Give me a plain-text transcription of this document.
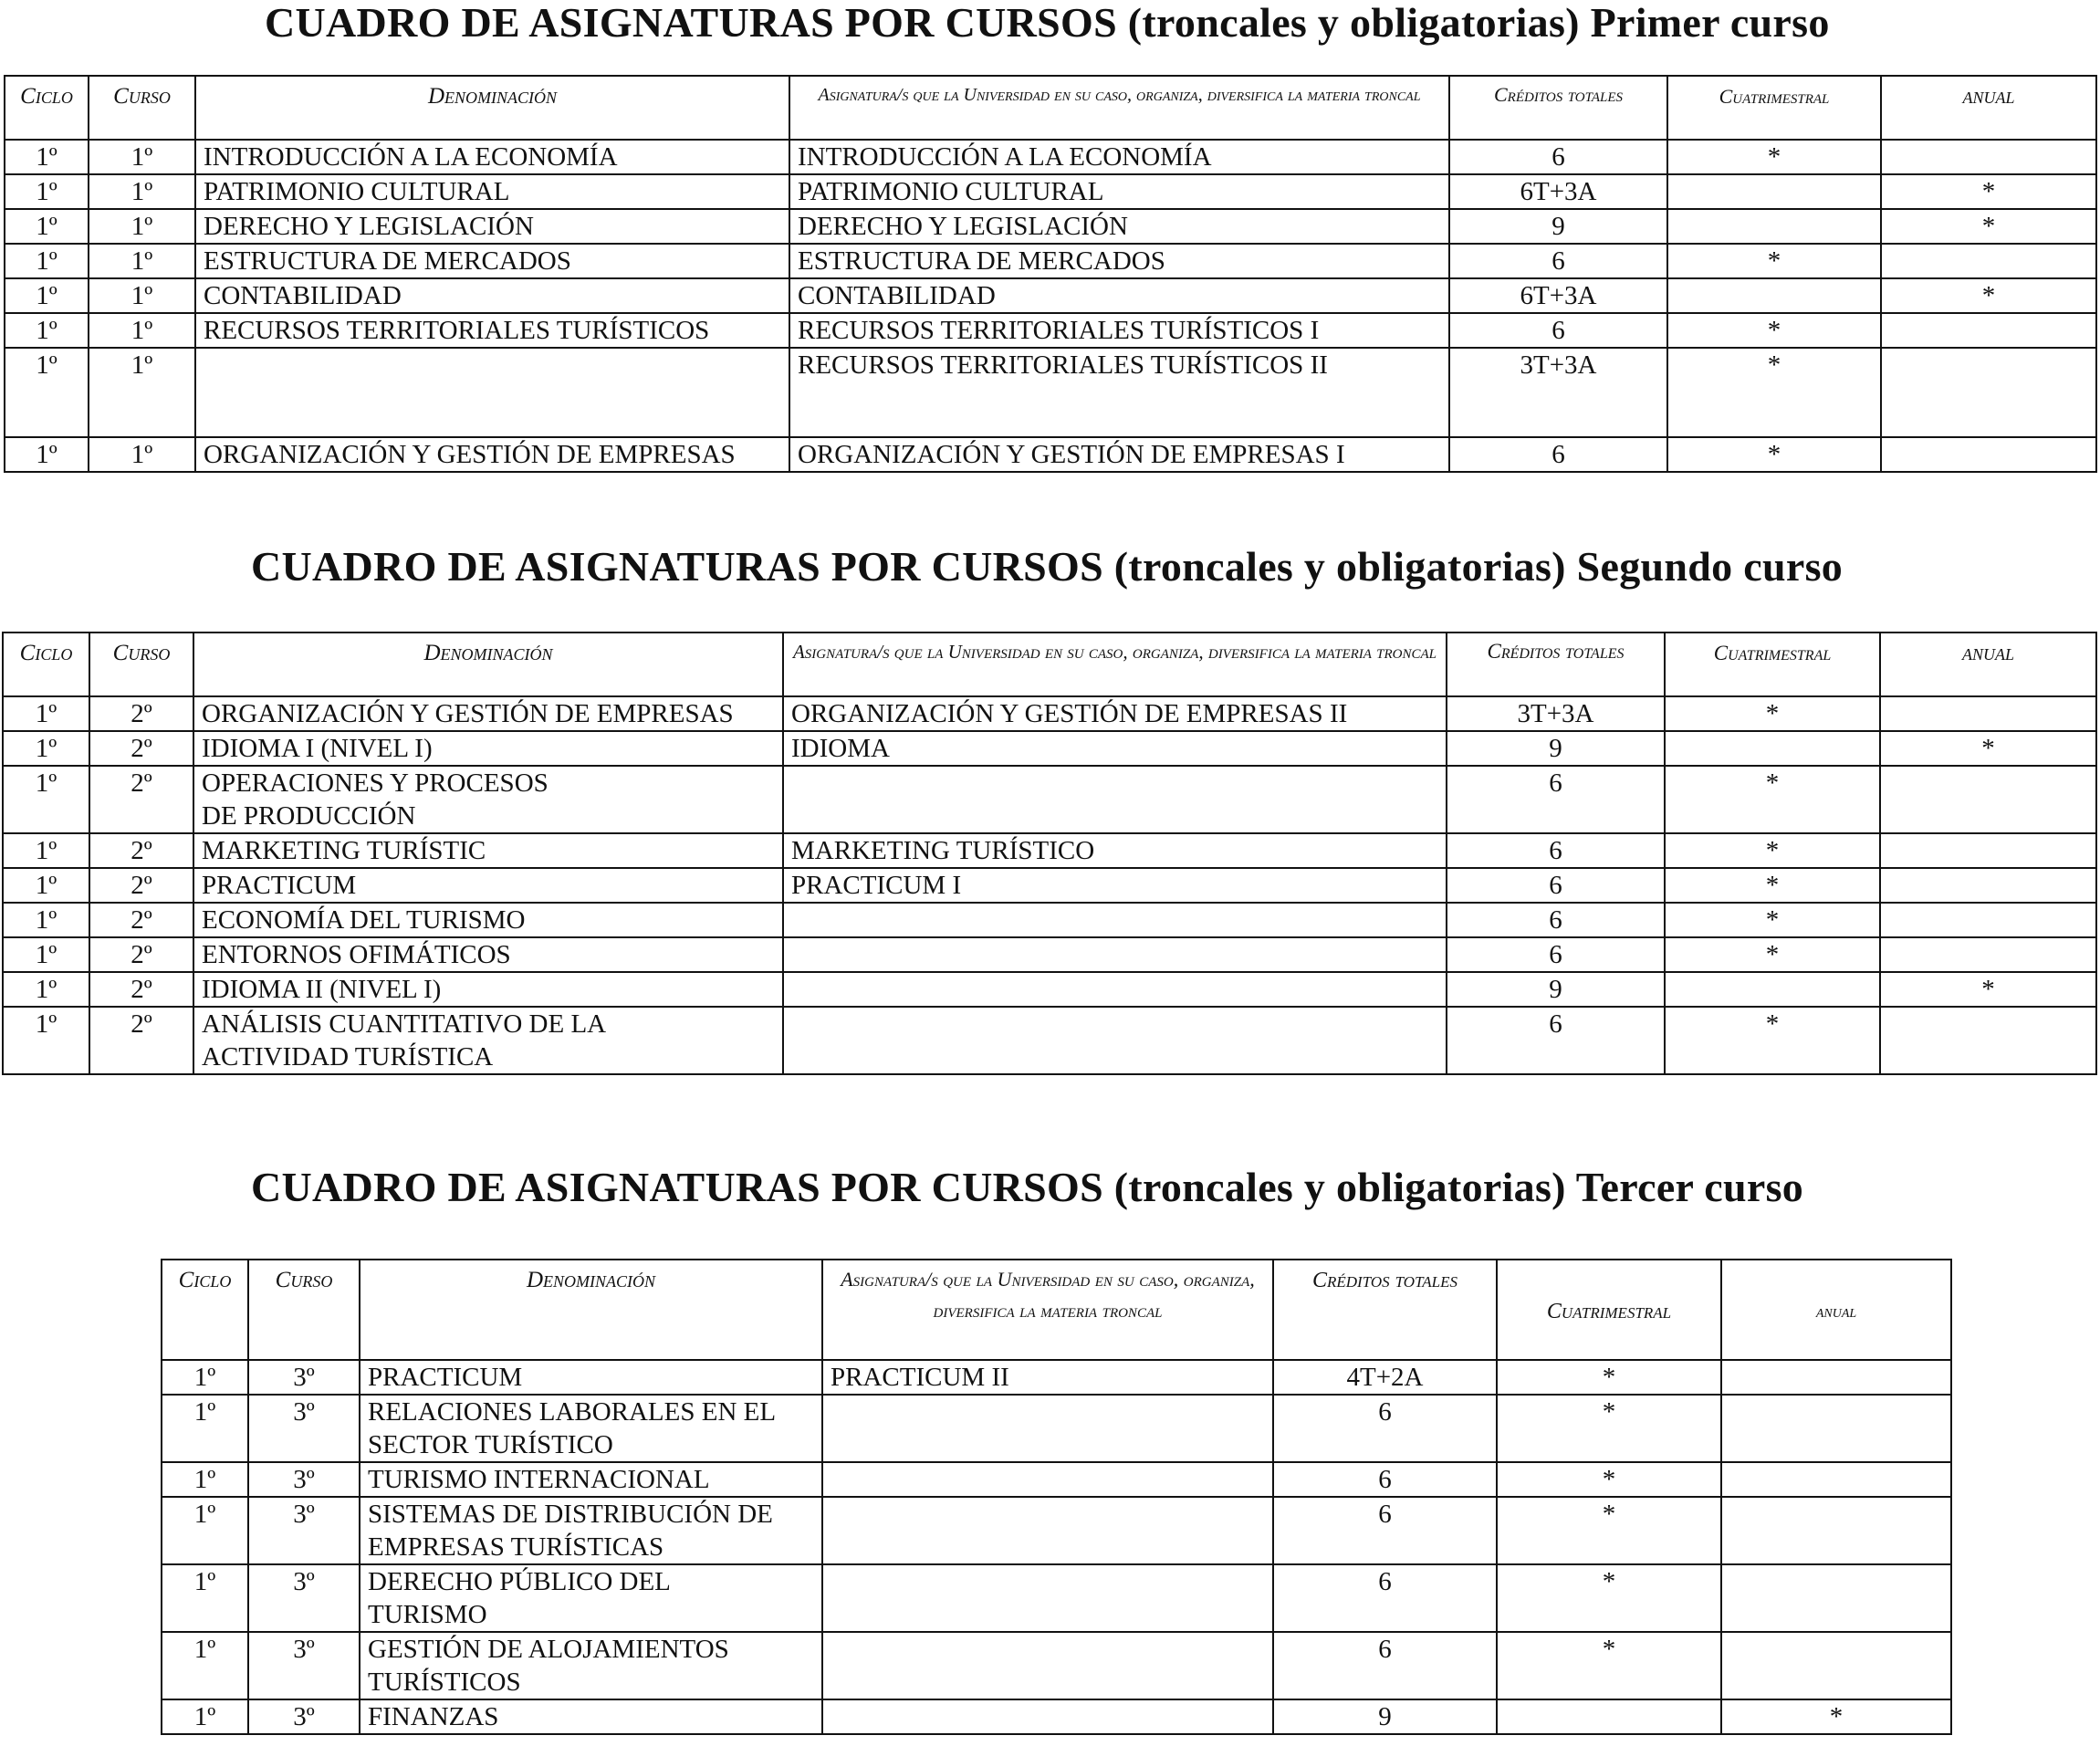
CUADRO DE ASIGNATURAS POR CURSOS (troncales y obligatorias) Primer curso
Ciclo	Curso	Denominación	Asignatura/s que la Universidad en su caso, organiza, diversifica la materia troncal	Créditos totales	Cuatrimestral	anual
1º	1º	INTRODUCCIÓN A LA ECONOMÍA	INTRODUCCIÓN A LA ECONOMÍA	6	*	
1º	1º	PATRIMONIO CULTURAL	PATRIMONIO CULTURAL	6T+3A		*
1º	1º	DERECHO Y LEGISLACIÓN	DERECHO Y LEGISLACIÓN	9		*
1º	1º	ESTRUCTURA DE MERCADOS	ESTRUCTURA DE MERCADOS	6	*	
1º	1º	CONTABILIDAD	CONTABILIDAD	6T+3A		*
1º	1º	RECURSOS TERRITORIALES TURÍSTICOS	RECURSOS TERRITORIALES TURÍSTICOS I	6	*	
1º	1º		RECURSOS TERRITORIALES TURÍSTICOS II	3T+3A	*	
1º	1º	ORGANIZACIÓN Y GESTIÓN DE EMPRESAS	ORGANIZACIÓN Y GESTIÓN DE EMPRESAS I	6	*	
CUADRO DE ASIGNATURAS POR CURSOS (troncales y obligatorias) Segundo curso
Ciclo	Curso	Denominación	Asignatura/s que la Universidad en su caso, organiza, diversifica la materia troncal	Créditos totales	Cuatrimestral	anual
1º	2º	ORGANIZACIÓN Y GESTIÓN DE EMPRESAS	ORGANIZACIÓN Y GESTIÓN DE EMPRESAS II	3T+3A	*	
1º	2º	IDIOMA I (NIVEL I)	IDIOMA	9		*
1º	2º	OPERACIONES Y PROCESOS DE PRODUCCIÓN		6	*	
1º	2º	MARKETING TURÍSTIC	MARKETING TURÍSTICO	6	*	
1º	2º	PRACTICUM	PRACTICUM I	6	*	
1º	2º	ECONOMÍA DEL TURISMO		6	*	
1º	2º	ENTORNOS OFIMÁTICOS		6	*	
1º	2º	IDIOMA II (NIVEL I)		9		*
1º	2º	ANÁLISIS CUANTITATIVO DE LA ACTIVIDAD TURÍSTICA		6	*	
CUADRO DE ASIGNATURAS POR CURSOS (troncales y obligatorias) Tercer curso
Ciclo	Curso	Denominación	Asignatura/s que la Universidad en su caso, organiza, diversifica la materia troncal	Créditos totales	Cuatrimestral	anual
1º	3º	PRACTICUM	PRACTICUM II	4T+2A	*	
1º	3º	RELACIONES LABORALES EN EL SECTOR TURÍSTICO		6	*	
1º	3º	TURISMO INTERNACIONAL		6	*	
1º	3º	SISTEMAS DE DISTRIBUCIÓN DE EMPRESAS TURÍSTICAS		6	*	
1º	3º	DERECHO PÚBLICO DEL TURISMO		6	*	
1º	3º	GESTIÓN DE ALOJAMIENTOS TURÍSTICOS		6	*	
1º	3º	FINANZAS		9		*
